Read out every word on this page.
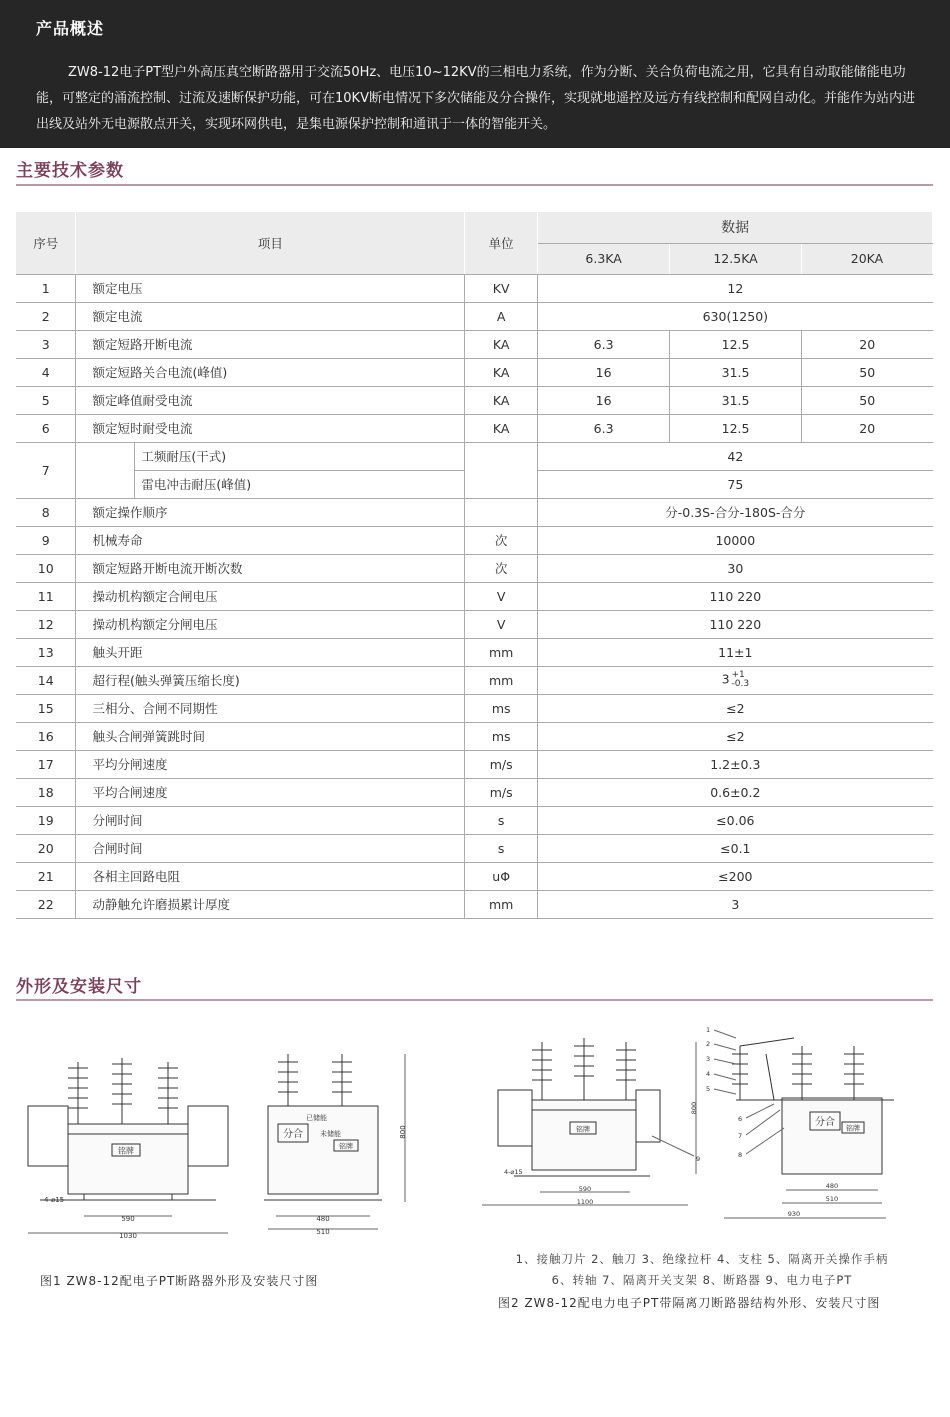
产品概述

ZW8-12电子PT型户外高压真空断路器用于交流50Hz、电压10~12KV的三相电力系统，作为分断、关合负荷电流之用，它具有自动取能储能电功能，可整定的涌流控制、过流及速断保护功能，可在10KV断电情况下多次储能及分合操作，实现就地遥控及远方有线控制和配网自动化。并能作为站内进出线及站外无电源散点开关，实现环网供电，是集电源保护控制和通讯于一体的智能开关。

主要技术参数
序号	项目		单位	数据		
				6.3KA	12.5KA	20KA
1	额定电压		KV	12		
2	额定电流		A	630(1250)		
3	额定短路开断电流		KA	6.3	12.5	20
4	额定短路关合电流(峰值)		KA	16	31.5	50
5	额定峰值耐受电流		KA	16	31.5	50
6	额定短时耐受电流		KA	6.3	12.5	20
7		工频耐压(干式)		42		
		雷电冲击耐压(峰值)		75		
8	额定操作顺序			分-0.3S-合分-180S-合分		
9	机械寿命		次	10000		
10	额定短路开断电流开断次数		次	30		
11	操动机构额定合闸电压		V	110 220		
12	操动机构额定分闸电压		V	110 220		
13	触头开距		mm	11±1		
14	超行程(触头弹簧压缩长度)		mm	3 +1
-0.3		
15	三相分、合闸不同期性		ms	≤2		
16	触头合闸弹簧跳时间		ms	≤2		
17	平均分闸速度		m/s	1.2±0.3		
18	平均合闸速度		m/s	0.6±0.2		
19	分闸时间		s	≤0.06		
20	合闸时间		s	≤0.1		
21	各相主回路电阻		uΦ	≤200		
22	动静触允许磨损累计厚度		mm	3		
外形及安装尺寸
铭牌
4-⌀15
590
1030
分合
已储能
未储能
铭牌
800
480
510
图1 ZW8-12配电子PT断路器外形及安装尺寸图
铭牌
4-⌀15
800
590
1100
9
分合
铭牌
1
2
3
4
5
6
7
8
480
510
930
1、接触刀片 2、触刀 3、绝缘拉杆 4、支柱 5、隔离开关操作手柄
6、转轴 7、隔离开关支架 8、断路器 9、电力电子PT
图2 ZW8-12配电力电子PT带隔离刀断路器结构外形、安装尺寸图
